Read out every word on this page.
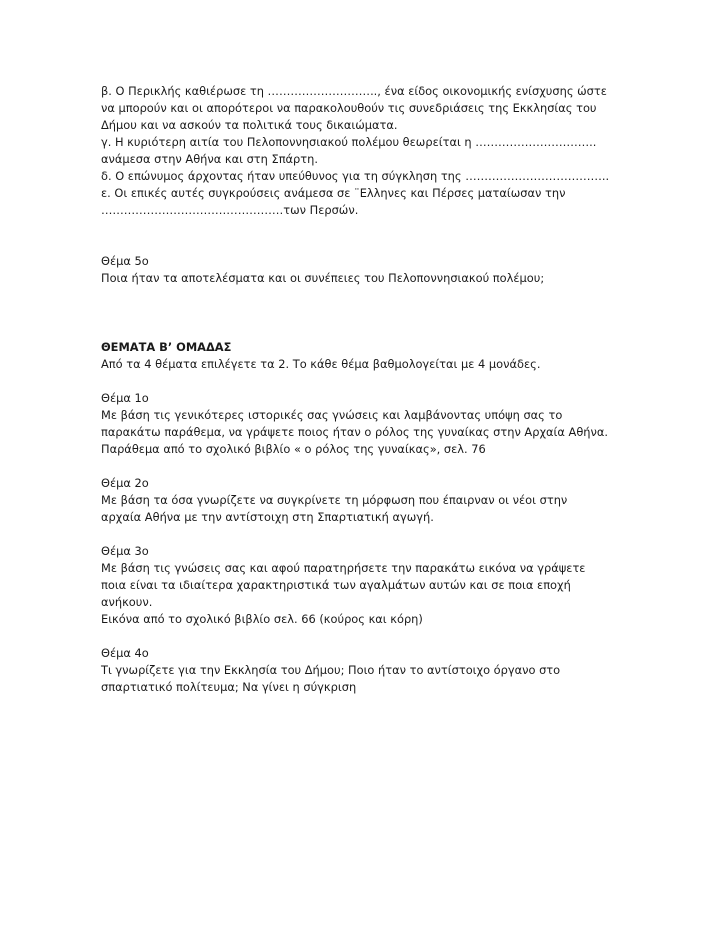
β. Ο Περικλής καθιέρωσε τη ……………………….., ένα είδος οικονομικής ενίσχυσης ώστε
να μπορούν και οι απορότεροι να παρακολουθούν τις συνεδριάσεις της Εκκλησίας του
Δήμου και να ασκούν τα πολιτικά τους δικαιώματα.
γ. Η κυριότερη αιτία του Πελοποννησιακού πολέμου θεωρείται η …………………………..
ανάμεσα στην Αθήνα και στη Σπάρτη.
δ. Ο επώνυμος άρχοντας ήταν υπεύθυνος για τη σύγκληση της ………………………………..
ε. Οι επικές αυτές συγκρούσεις ανάμεσα σε ¨Ελληνες και Πέρσες ματαίωσαν την
…………………………………………των Περσών.
Θέμα 5ο
Ποια ήταν τα αποτελέσματα και οι συνέπειες του Πελοποννησιακού πολέμου;
ΘΕΜΑΤΑ Β’ ΟΜΑΔΑΣ
Από τα 4 θέματα επιλέγετε τα 2. Το κάθε θέμα βαθμολογείται με 4 μονάδες.
Θέμα 1ο
Με βάση τις γενικότερες ιστορικές σας γνώσεις και λαμβάνοντας υπόψη σας το
παρακάτω παράθεμα, να γράψετε ποιος ήταν ο ρόλος της γυναίκας στην Αρχαία Αθήνα.
Παράθεμα από το σχολικό βιβλίο « ο ρόλος της γυναίκας», σελ. 76
Θέμα 2ο
Με βάση τα όσα γνωρίζετε να συγκρίνετε τη μόρφωση που έπαιρναν οι νέοι στην
αρχαία Αθήνα με την αντίστοιχη στη Σπαρτιατική αγωγή.
Θέμα 3ο
Με βάση τις γνώσεις σας και αφού παρατηρήσετε την παρακάτω εικόνα να γράψετε
ποια είναι τα ιδιαίτερα χαρακτηριστικά των αγαλμάτων αυτών και σε ποια εποχή
ανήκουν.
Εικόνα από το σχολικό βιβλίο σελ. 66 (κούρος και κόρη)
Θέμα 4ο
Τι γνωρίζετε για την Εκκλησία του Δήμου; Ποιο ήταν το αντίστοιχο όργανο στο
σπαρτιατικό πολίτευμα; Να γίνει η σύγκριση
